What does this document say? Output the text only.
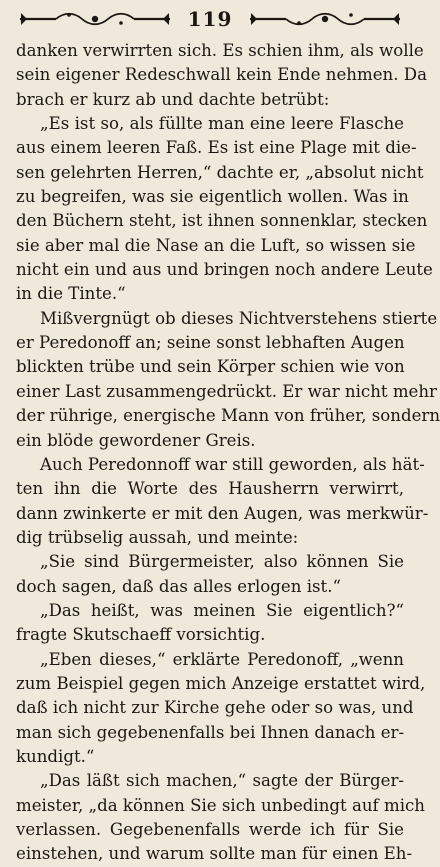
119
danken verwirrten sich. Es schien ihm, als wolle
sein eigener Redeschwall kein Ende nehmen. Da
brach er kurz ab und dachte betrübt:
„Es ist so, als füllte man eine leere Flasche
aus einem leeren Faß. Es ist eine Plage mit die-
sen gelehrten Herren,“ dachte er, „absolut nicht
zu begreifen, was sie eigentlich wollen. Was in
den Büchern steht, ist ihnen sonnenklar, stecken
sie aber mal die Nase an die Luft, so wissen sie
nicht ein und aus und bringen noch andere Leute
in die Tinte.“
Mißvergnügt ob dieses Nichtverstehens stierte
er Peredonoff an; seine sonst lebhaften Augen
blickten trübe und sein Körper schien wie von
einer Last zusammengedrückt. Er war nicht mehr
der rührige, energische Mann von früher, sondern
ein blöde gewordener Greis.
Auch Peredonnoff war still geworden, als hät-
ten ihn die Worte des Hausherrn verwirrt,
dann zwinkerte er mit den Augen, was merkwür-
dig trübselig aussah, und meinte:
„Sie sind Bürgermeister, also können Sie
doch sagen, daß das alles erlogen ist.“
„Das heißt, was meinen Sie eigentlich?“
fragte Skutschaeff vorsichtig.
„Eben dieses,“ erklärte Peredonoff, „wenn
zum Beispiel gegen mich Anzeige erstattet wird,
daß ich nicht zur Kirche gehe oder so was, und
man sich gegebenenfalls bei Ihnen danach er-
kundigt.“
„Das läßt sich machen,“ sagte der Bürger-
meister, „da können Sie sich unbedingt auf mich
verlassen. Gegebenenfalls werde ich für Sie
einstehen, und warum sollte man für einen Eh-
